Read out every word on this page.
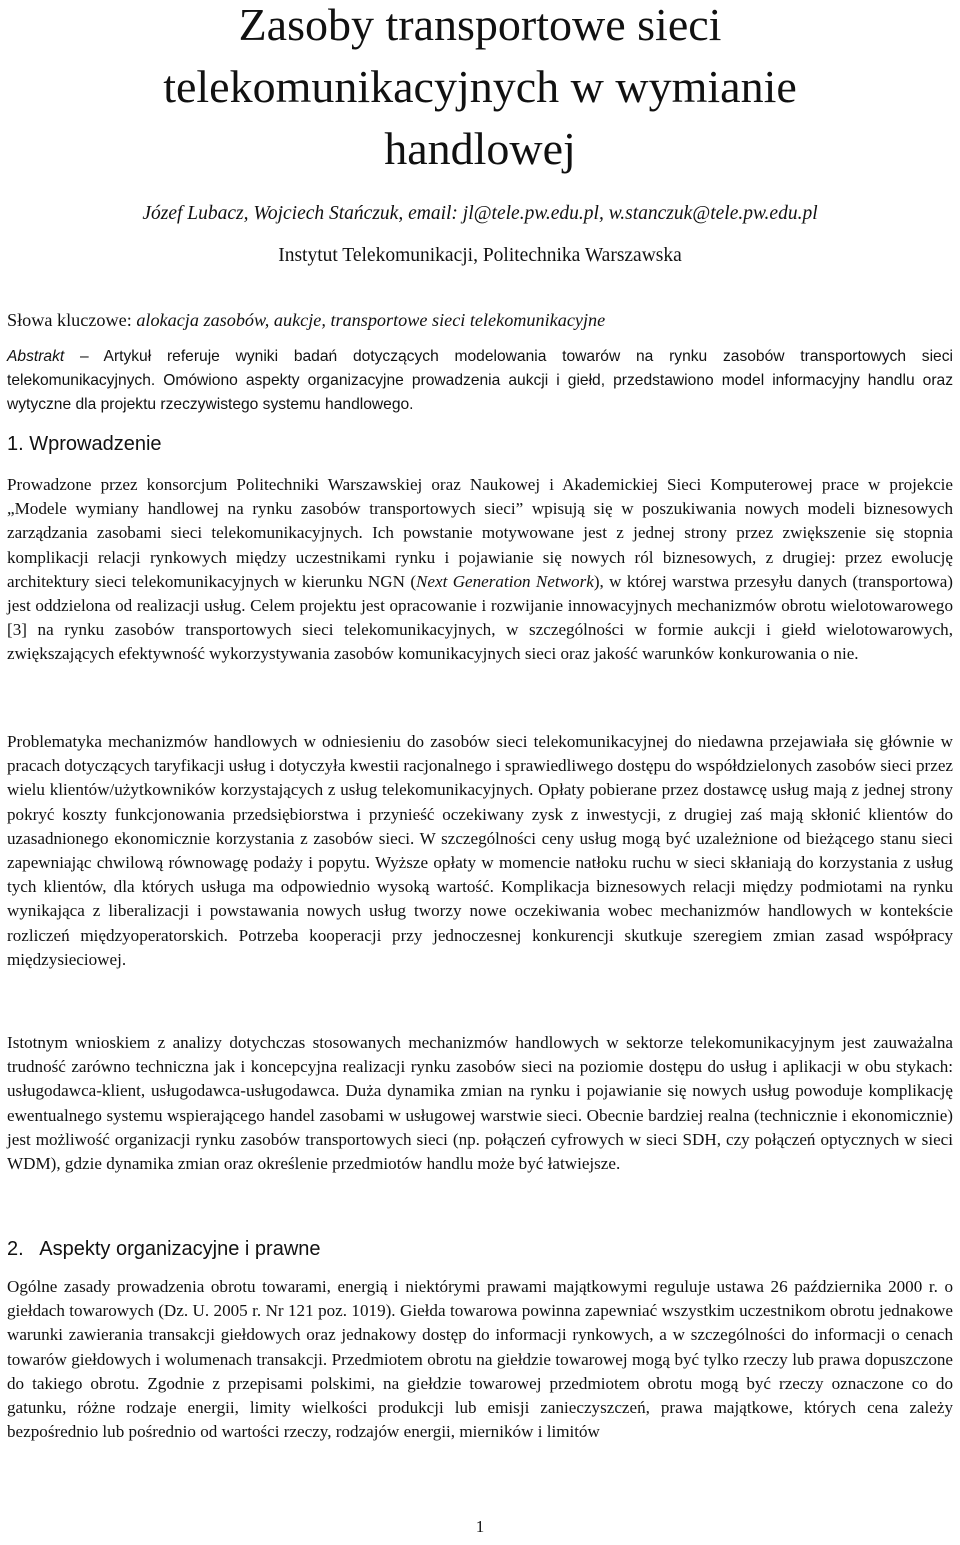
Zasoby transportowe sieci
telekomunikacyjnych w wymianie
handlowej

Józef Lubacz, Wojciech Stańczuk, email: jl@tele.pw.edu.pl, w.stanczuk@tele.pw.edu.pl

Instytut Telekomunikacji, Politechnika Warszawska

Słowa kluczowe: alokacja zasobów, aukcje, transportowe sieci telekomunikacyjne

Abstrakt – Artykuł referuje wyniki badań dotyczących modelowania towarów na rynku zasobów transportowych sieci telekomunikacyjnych. Omówiono aspekty organizacyjne prowadzenia aukcji i giełd, przedstawiono model informacyjny handlu oraz wytyczne dla projektu rzeczywistego systemu handlowego.

1. Wprowadzenie

Prowadzone przez konsorcjum Politechniki Warszawskiej oraz Naukowej i Akademickiej Sieci Komputerowej prace w projekcie „Modele wymiany handlowej na rynku zasobów transportowych sieci” wpisują się w poszukiwania nowych modeli biznesowych zarządzania zasobami sieci telekomunikacyjnych. Ich powstanie motywowane jest z jednej strony przez zwiększenie się stopnia komplikacji relacji rynkowych między uczestnikami rynku i pojawianie się nowych ról biznesowych, z drugiej: przez ewolucję architektury sieci telekomunikacyjnych w kierunku NGN (Next Generation Network), w której warstwa przesyłu danych (transportowa) jest oddzielona od realizacji usług. Celem projektu jest opracowanie i rozwijanie innowacyjnych mechanizmów obrotu wielotowarowego [3] na rynku zasobów transportowych sieci telekomunikacyjnych, w szczególności w formie aukcji i giełd wielotowarowych, zwiększających efektywność wykorzystywania zasobów komunikacyjnych sieci oraz jakość warunków konkurowania o nie.

Problematyka mechanizmów handlowych w odniesieniu do zasobów sieci telekomunikacyjnej do niedawna przejawiała się głównie w pracach dotyczących taryfikacji usług i dotyczyła kwestii racjonalnego i sprawiedliwego dostępu do współdzielonych zasobów sieci przez wielu klientów/użytkowników korzystających z usług telekomunikacyjnych. Opłaty pobierane przez dostawcę usług mają z jednej strony pokryć koszty funkcjonowania przedsiębiorstwa i przynieść oczekiwany zysk z inwestycji, z drugiej zaś mają skłonić klientów do uzasadnionego ekonomicznie korzystania z zasobów sieci. W szczególności ceny usług mogą być uzależnione od bieżącego stanu sieci zapewniając chwilową równowagę podaży i popytu. Wyższe opłaty w momencie natłoku ruchu w sieci skłaniają do korzystania z usług tych klientów, dla których usługa ma odpowiednio wysoką wartość. Komplikacja biznesowych relacji między podmiotami na rynku wynikająca z liberalizacji i powstawania nowych usług tworzy nowe oczekiwania wobec mechanizmów handlowych w kontekście rozliczeń międzyoperatorskich. Potrzeba kooperacji przy jednoczesnej konkurencji skutkuje szeregiem zmian zasad współpracy międzysieciowej.

Istotnym wnioskiem z analizy dotychczas stosowanych mechanizmów handlowych w sektorze telekomunikacyjnym jest zauważalna trudność zarówno techniczna jak i koncepcyjna realizacji rynku zasobów sieci na poziomie dostępu do usług i aplikacji w obu stykach: usługodawca-klient, usługodawca-usługodawca. Duża dynamika zmian na rynku i pojawianie się nowych usług powoduje komplikację ewentualnego systemu wspierającego handel zasobami w usługowej warstwie sieci. Obecnie bardziej realna (technicznie i ekonomicznie) jest możliwość organizacji rynku zasobów transportowych sieci (np. połączeń cyfrowych w sieci SDH, czy połączeń optycznych w sieci WDM), gdzie dynamika zmian oraz określenie przedmiotów handlu może być łatwiejsze.

2.   Aspekty organizacyjne i prawne

Ogólne zasady prowadzenia obrotu towarami, energią i niektórymi prawami majątkowymi reguluje ustawa 26 października 2000 r. o giełdach towarowych (Dz. U. 2005 r. Nr 121 poz. 1019). Giełda towarowa powinna zapewniać wszystkim uczestnikom obrotu jednakowe warunki zawierania transakcji giełdowych oraz jednakowy dostęp do informacji rynkowych, a w szczególności do informacji o cenach towarów giełdowych i wolumenach transakcji. Przedmiotem obrotu na giełdzie towarowej mogą być tylko rzeczy lub prawa dopuszczone do takiego obrotu. Zgodnie z przepisami polskimi, na giełdzie towarowej przedmiotem obrotu mogą być rzeczy oznaczone co do gatunku, różne rodzaje energii, limity wielkości produkcji lub emisji zanieczyszczeń, prawa majątkowe, których cena zależy bezpośrednio lub pośrednio od wartości rzeczy, rodzajów energii, mierników i limitów

1
